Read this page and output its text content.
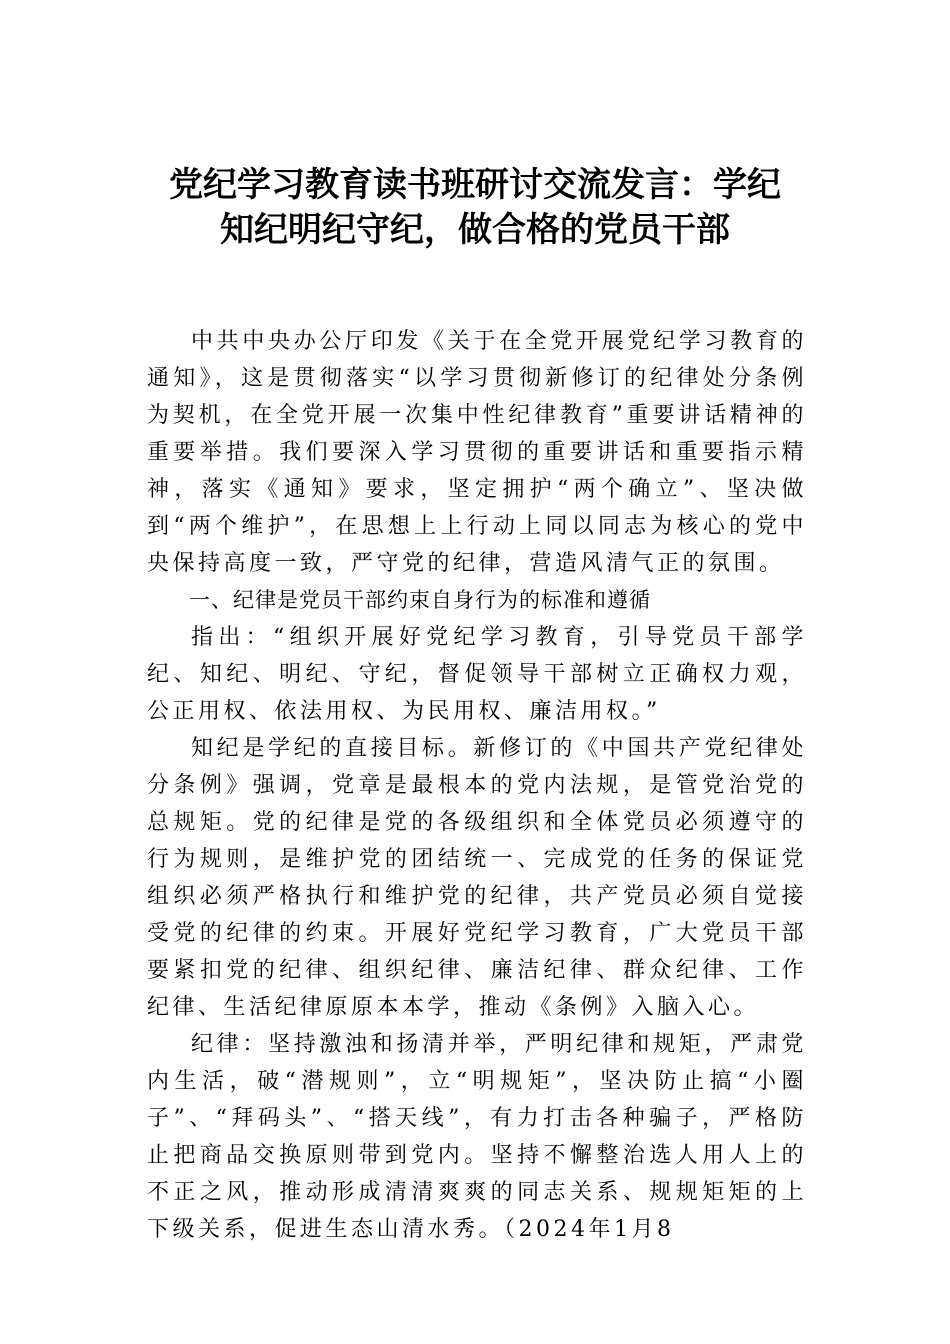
党纪学习教育读书班研讨交流发言：学纪
知纪明纪守纪，做合格的党员干部

中共中央办公厅印发《关于在全党开展党纪学习教育的通知》，这是贯彻落实“以学习贯彻新修订的纪律处分条例为契机，在全党开展一次集中性纪律教育”重要讲话精神的重要举措。我们要深入学习贯彻的重要讲话和重要指示精神，落实《通知》要求，坚定拥护“两个确立”、坚决做到“两个维护”，在思想上上行动上同以同志为核心的党中央保持高度一致，严守党的纪律，营造风清气正的氛围。

一、纪律是党员干部约束自身行为的标准和遵循

指出：“组织开展好党纪学习教育，引导党员干部学纪、知纪、明纪、守纪，督促领导干部树立正确权力观，公正用权、依法用权、为民用权、廉洁用权。”

知纪是学纪的直接目标。新修订的《中国共产党纪律处分条例》强调，党章是最根本的党内法规，是管党治党的总规矩。党的纪律是党的各级组织和全体党员必须遵守的行为规则，是维护党的团结统一、完成党的任务的保证党组织必须严格执行和维护党的纪律，共产党员必须自觉接受党的纪律的约束。开展好党纪学习教育，广大党员干部要紧扣党的纪律、组织纪律、廉洁纪律、群众纪律、工作纪律、生活纪律原原本本学，推动《条例》入脑入心。

纪律：坚持激浊和扬清并举，严明纪律和规矩，严肃党内生活，破“潜规则”，立“明规矩”，坚决防止搞“小圈子”、“拜码头”、“搭天线”，有力打击各种骗子，严格防止把商品交换原则带到党内。坚持不懈整治选人用人上的不正之风，推动形成清清爽爽的同志关系、规规矩矩的上下级关系，促进生态山清水秀。（2024年1月8
